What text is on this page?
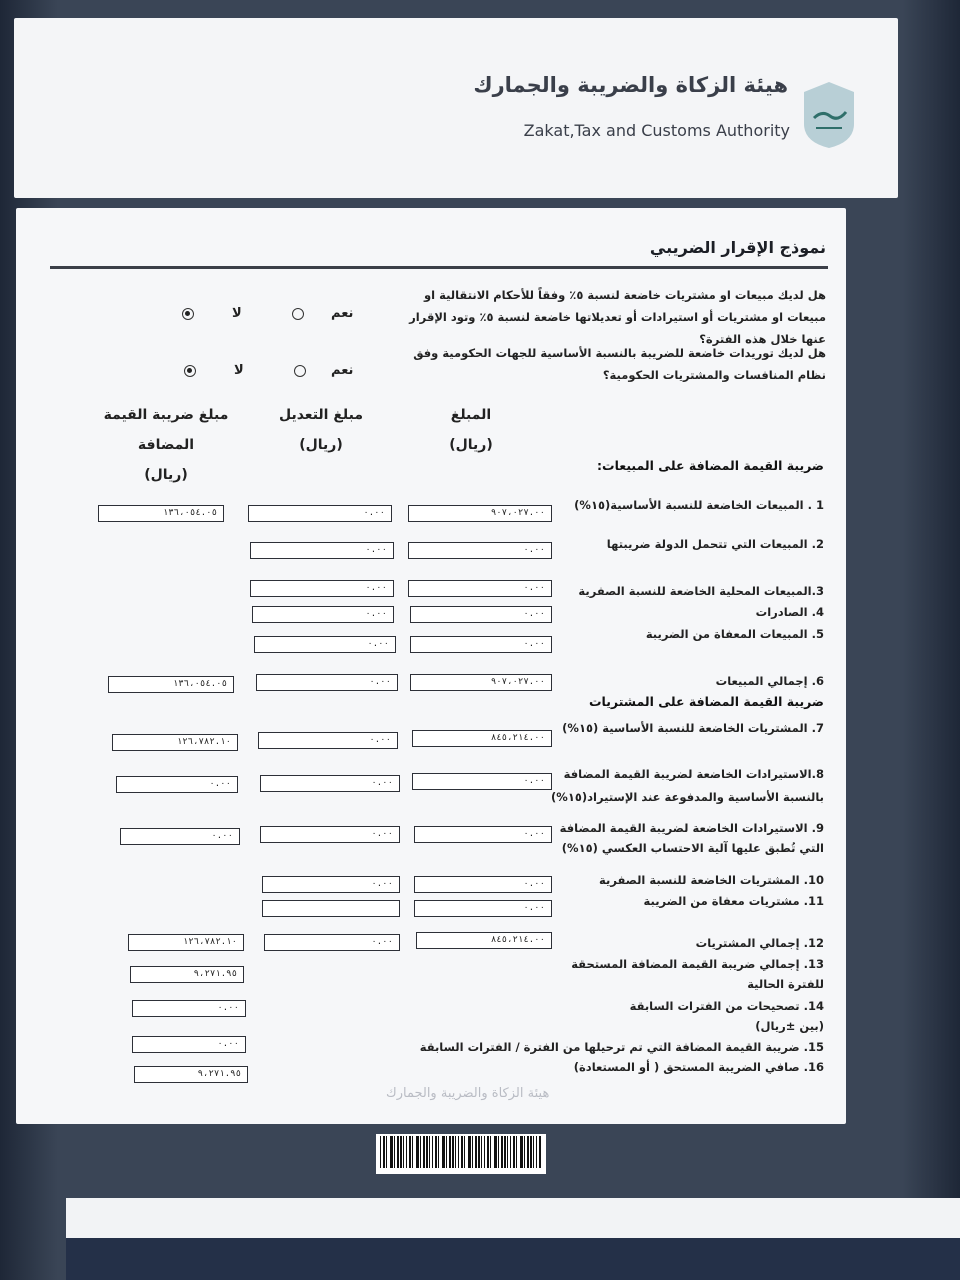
هيئة الزكاة والضريبة والجمارك
Zakat,Tax and Customs Authority
نموذج الإقرار الضريبي
هل لديك مبيعات او مشتريات خاضعة لنسبة ٥٪ وفقاً للأحكام الانتقالية او مبيعات او مشتريات أو استيرادات أو تعديلاتها خاضعة لنسبة ٥٪ وتود الإقرار عنها خلال هذه الفترة؟
نعم
لا
هل لديك توريدات خاضعة للضريبة بالنسبة الأساسية للجهات الحكومية وفق نظام المنافسات والمشتريات الحكومية؟
نعم
لا
مبلغ ضريبة القيمة المضافة
(ريال)
مبلغ التعديل
(ريال)
المبلغ
(ريال)
ضريبة القيمة المضافة على المبيعات:
1 . المبيعات الخاضعة للنسبة الأساسية(١٥%)
٩٠٧،٠٢٧.٠٠
٠.٠٠
١٣٦،٠٥٤.٠٥
2. المبيعات التي تتحمل الدولة ضريبتها
٠.٠٠
٠.٠٠
3.المبيعات المحلية الخاضعة للنسبة الصفرية
٠.٠٠
٠.٠٠
4. الصادرات
٠.٠٠
٠.٠٠
5. المبيعات المعفاة من الضريبة
٠.٠٠
٠.٠٠
6. إجمالي المبيعات
٩٠٧،٠٢٧.٠٠
٠.٠٠
١٣٦،٠٥٤.٠٥
ضريبة القيمة المضافة على المشتريات
7. المشتريات الخاضعة للنسبة الأساسية (١٥%)
٨٤٥،٢١٤.٠٠
٠.٠٠
١٢٦،٧٨٢.١٠
8.الاستيرادات الخاضعة لضريبة القيمة المضافة
بالنسبة الأساسية والمدفوعة عند الإستيراد(١٥%)
٠.٠٠
٠.٠٠
٠.٠٠
9. الاستيرادات الخاضعة لضريبة القيمة المضافة
التي تُطبق عليها آلية الاحتساب العكسي (١٥%)
٠.٠٠
٠.٠٠
٠.٠٠
10. المشتريات الخاضعة للنسبة الصفرية
٠.٠٠
٠.٠٠
11. مشتريات معفاة من الضريبة
٠.٠٠
12. إجمالي المشتريات
٨٤٥،٢١٤.٠٠
٠.٠٠
١٢٦،٧٨٢.١٠
13. إجمالي ضريبة القيمة المضافة المستحقة
للفترة الحالية
٩،٢٧١.٩٥
14. تصحيحات من الفترات السابقة
(بين ±ريال)
٠.٠٠
15. ضريبة القيمة المضافة التي تم ترحيلها من الفترة / الفترات السابقة
٠.٠٠
16. صافي الضريبة المستحق ( أو المستعادة)
٩،٢٧١.٩٥
هيئة الزكاة والضريبة والجمارك
